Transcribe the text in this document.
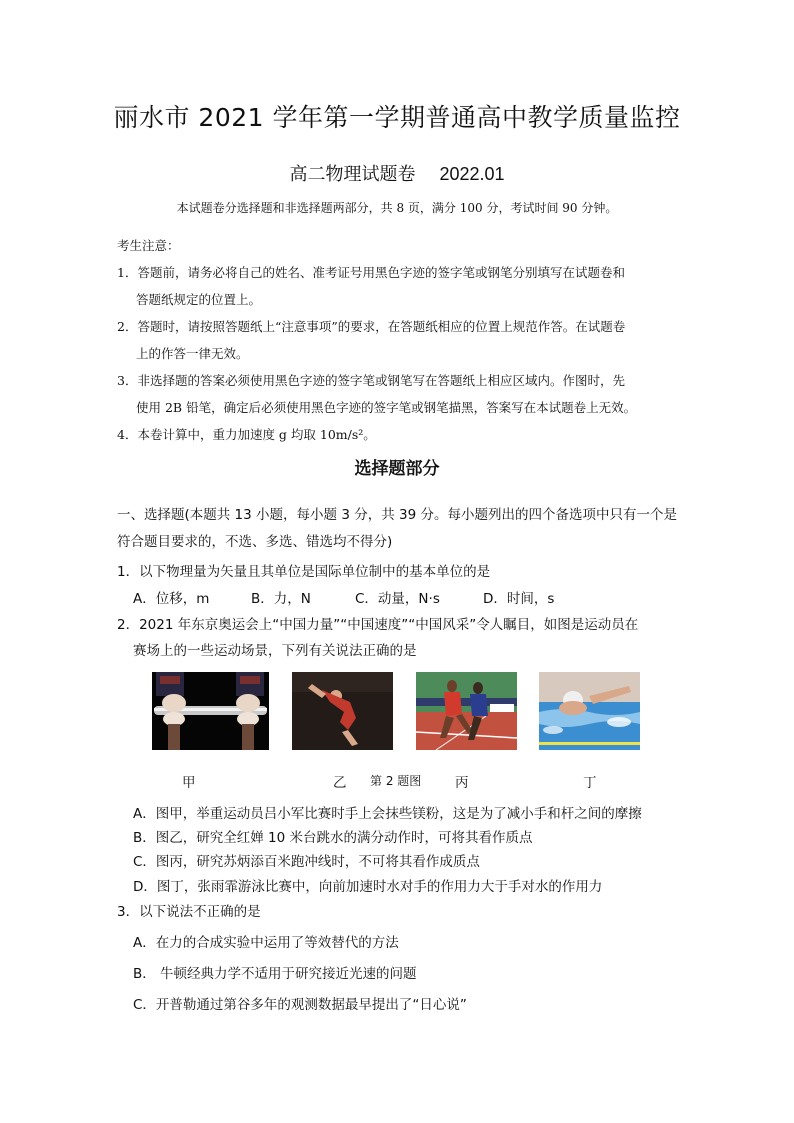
丽水市 2021 学年第一学期普通高中教学质量监控
高二物理试题卷 2022.01
本试题卷分选择题和非选择题两部分，共 8 页，满分 100 分，考试时间 90 分钟。
考生注意：
1．答题前，请务必将自己的姓名、准考证号用黑色字迹的签字笔或钢笔分别填写在试题卷和
答题纸规定的位置上。
2．答题时，请按照答题纸上“注意事项”的要求，在答题纸相应的位置上规范作答。在试题卷
上的作答一律无效。
3．非选择题的答案必须使用黑色字迹的签字笔或钢笔写在答题纸上相应区域内。作图时，先
使用 2B 铅笔，确定后必须使用黑色字迹的签字笔或钢笔描黑，答案写在本试题卷上无效。
4．本卷计算中，重力加速度 g 均取 10m/s²。
选择题部分
一、选择题(本题共 13 小题，每小题 3 分，共 39 分。每小题列出的四个备选项中只有一个是
符合题目要求的，不选、多选、错选均不得分)
1．以下物理量为矢量且其单位是国际单位制中的基本单位的是
A．位移，m	B．力，N	C．动量，N·s	D．时间，s
2．2021 年东京奥运会上“中国力量”“中国速度”“中国风采”令人瞩目，如图是运动员在
赛场上的一些运动场景，下列有关说法正确的是
甲	乙 第 2 题图 丙	丁
A．图甲，举重运动员吕小军比赛时手上会抹些镁粉，这是为了减小手和杆之间的摩擦
B．图乙，研究全红婵 10 米台跳水的满分动作时，可将其看作质点
C．图丙，研究苏炳添百米跑冲线时，不可将其看作成质点
D．图丁，张雨霏游泳比赛中，向前加速时水对手的作用力大于手对水的作用力
3．以下说法不正确的是
A．在力的合成实验中运用了等效替代的方法
B． 牛顿经典力学不适用于研究接近光速的问题
C．开普勒通过第谷多年的观测数据最早提出了“日心说”
